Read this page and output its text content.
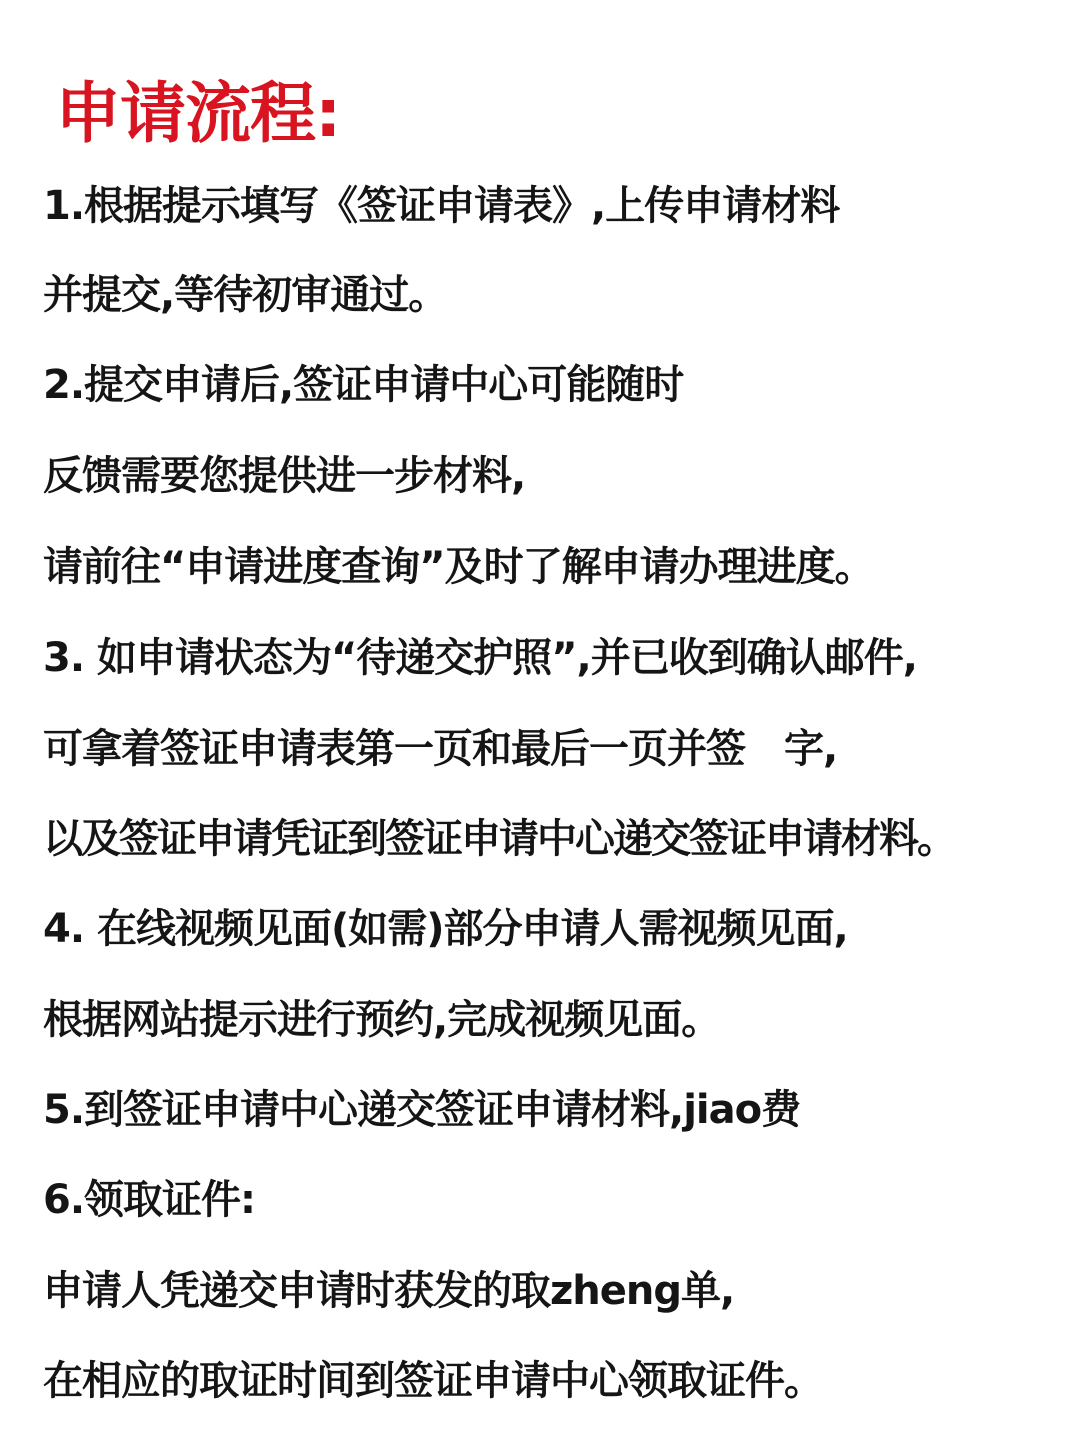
申请流程:
1.根据提示填写《签证申请表》,上传申请材料
并提交,等待初审通过。
2.提交申请后,签证申请中心可能随时
反馈需要您提供进一步材料,
请前往“申请进度查询”及时了解申请办理进度。
3. 如申请状态为“待递交护照”,并已收到确认邮件,
可拿着签证申请表第一页和最后一页并签　字,
以及签证申请凭证到签证申请中心递交签证申请材料。
4. 在线视频见面(如需)部分申请人需视频见面,
根据网站提示进行预约,完成视频见面。
5.到签证申请中心递交签证申请材料,jiao费
6.领取证件:
申请人凭递交申请时获发的取zheng单,
在相应的取证时间到签证申请中心领取证件。
